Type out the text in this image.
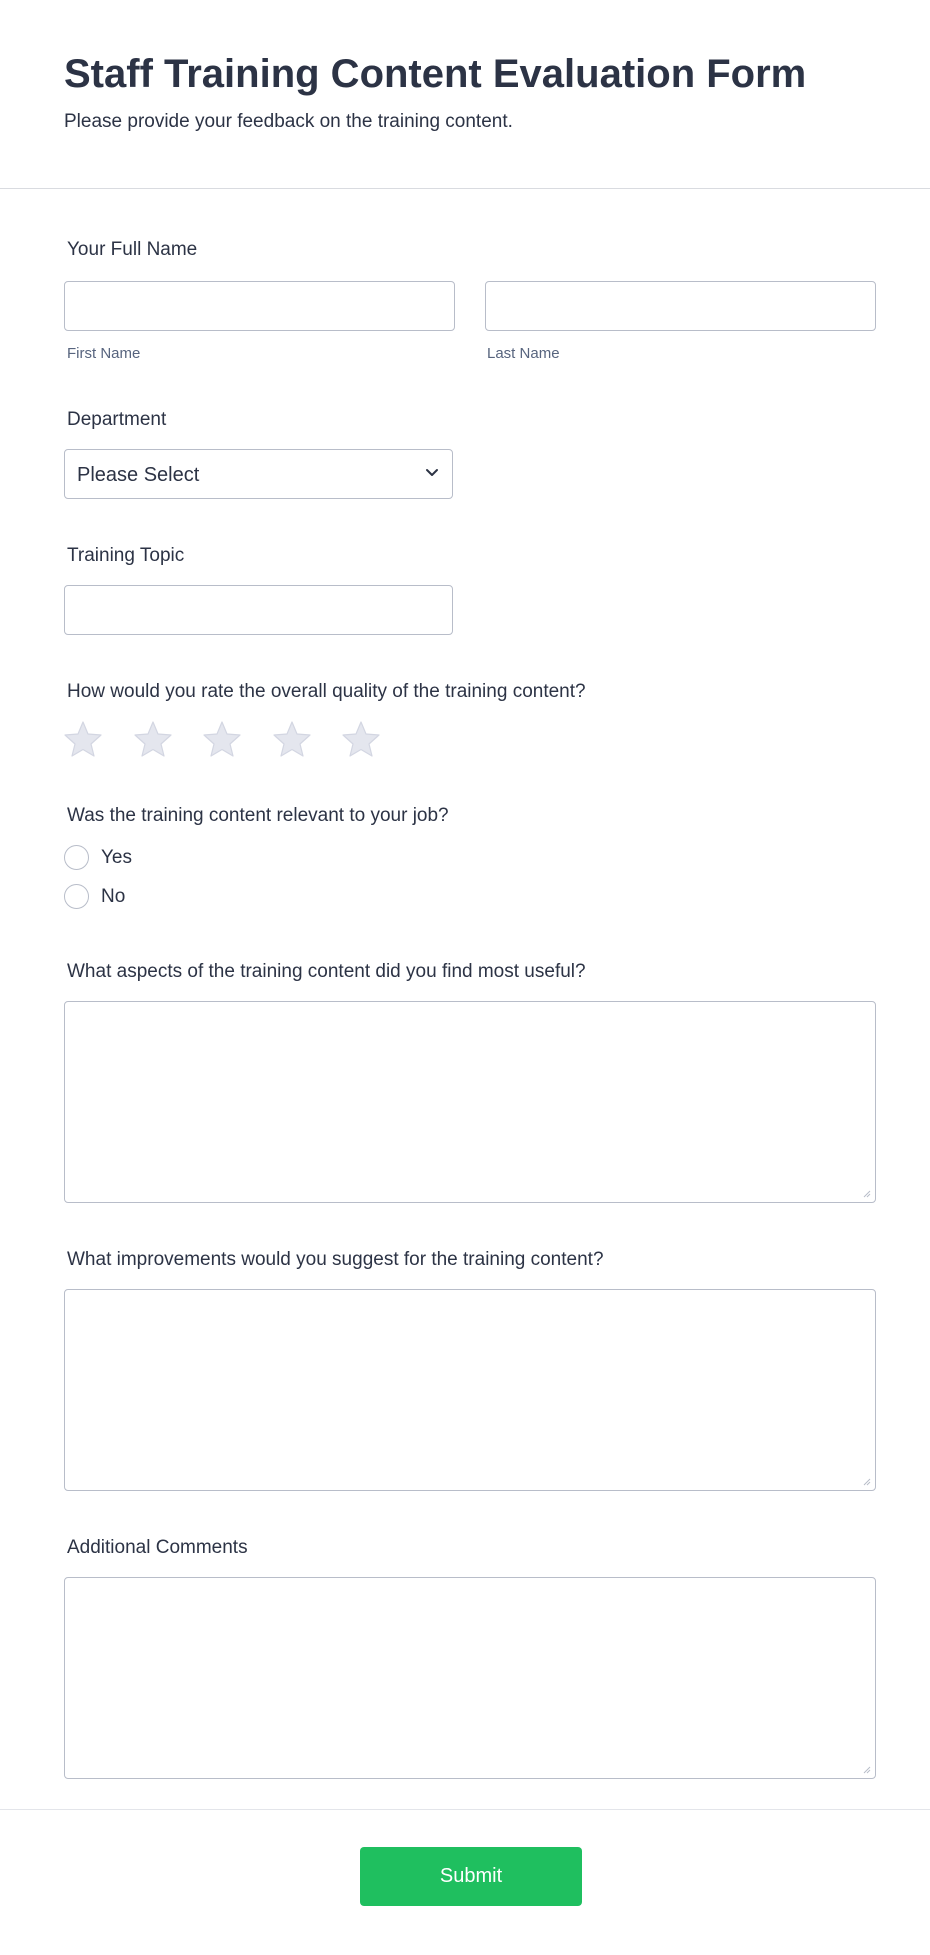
Staff Training Content Evaluation Form
Please provide your feedback on the training content.
Your Full Name
First Name	Last Name
Department
Please Select
Training Topic
How would you rate the overall quality of the training content?
Was the training content relevant to your job?
Yes
No
What aspects of the training content did you find most useful?
What improvements would you suggest for the training content?
Additional Comments
Submit
